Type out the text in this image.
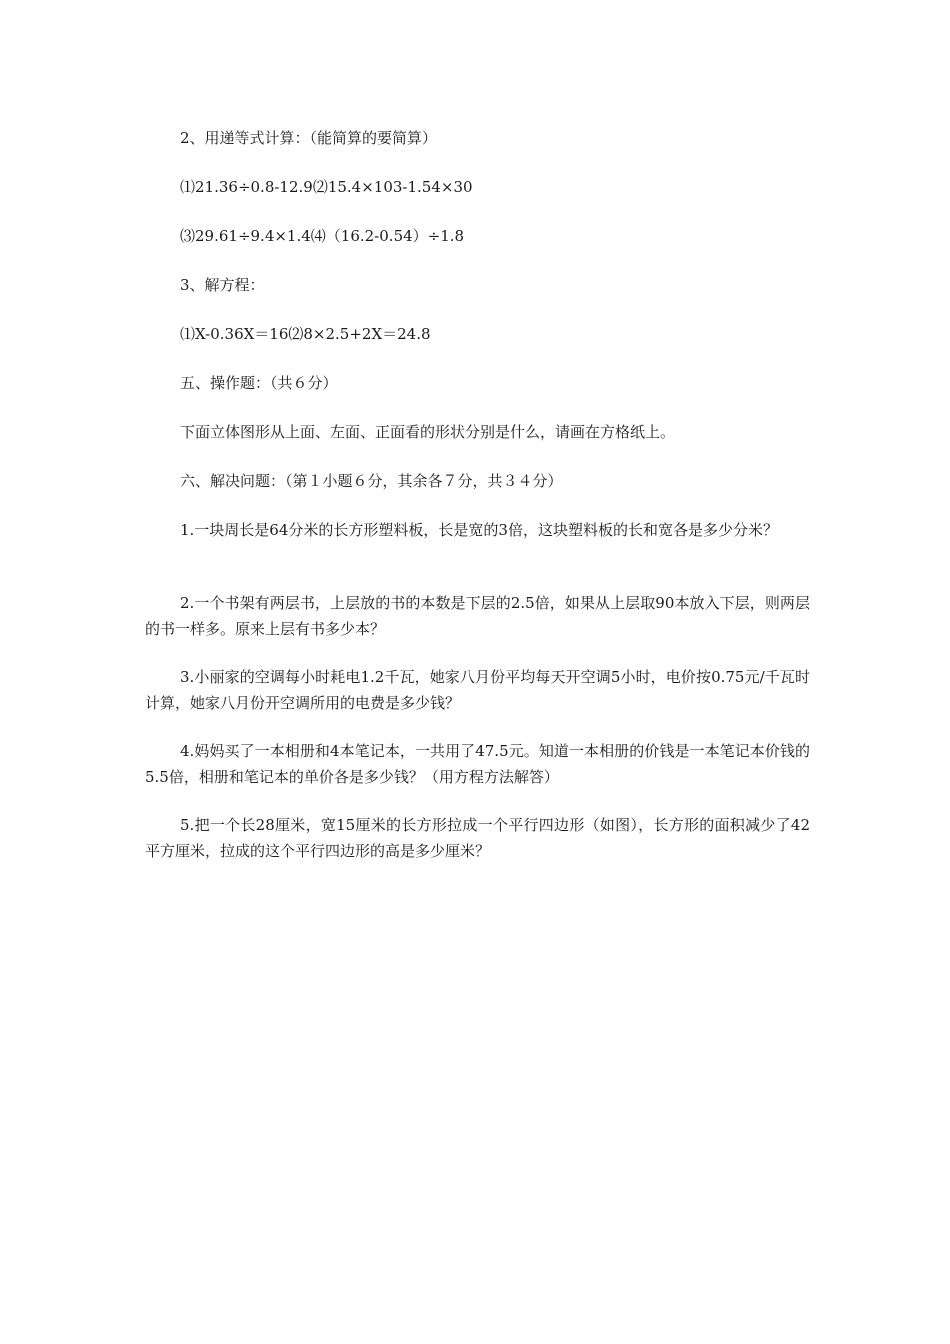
2、用递等式计算：（能简算的要简算）
⑴21.36÷0.8-12.9⑵15.4×103-1.54×30
⑶29.61÷9.4×1.4⑷（16.2-0.54）÷1.8
3、解方程：
⑴X-0.36X＝16⑵8×2.5+2X＝24.8
五、操作题：（共６分）
下面立体图形从上面、左面、正面看的形状分别是什么，请画在方格纸上。
六、解决问题：（第１小题６分，其余各７分，共３４分）
1.一块周长是64分米的长方形塑料板，长是宽的3倍，这块塑料板的长和宽各是多少分米？
2.一个书架有两层书，上层放的书的本数是下层的2.5倍，如果从上层取90本放入下层，则两层的书一样多。原来上层有书多少本？
3.小丽家的空调每小时耗电1.2千瓦，她家八月份平均每天开空调5小时，电价按0.75元/千瓦时计算，她家八月份开空调所用的电费是多少钱？
4.妈妈买了一本相册和4本笔记本，一共用了47.5元。知道一本相册的价钱是一本笔记本价钱的5.5倍，相册和笔记本的单价各是多少钱？（用方程方法解答）
5.把一个长28厘米，宽15厘米的长方形拉成一个平行四边形（如图），长方形的面积减少了42平方厘米，拉成的这个平行四边形的高是多少厘米？
